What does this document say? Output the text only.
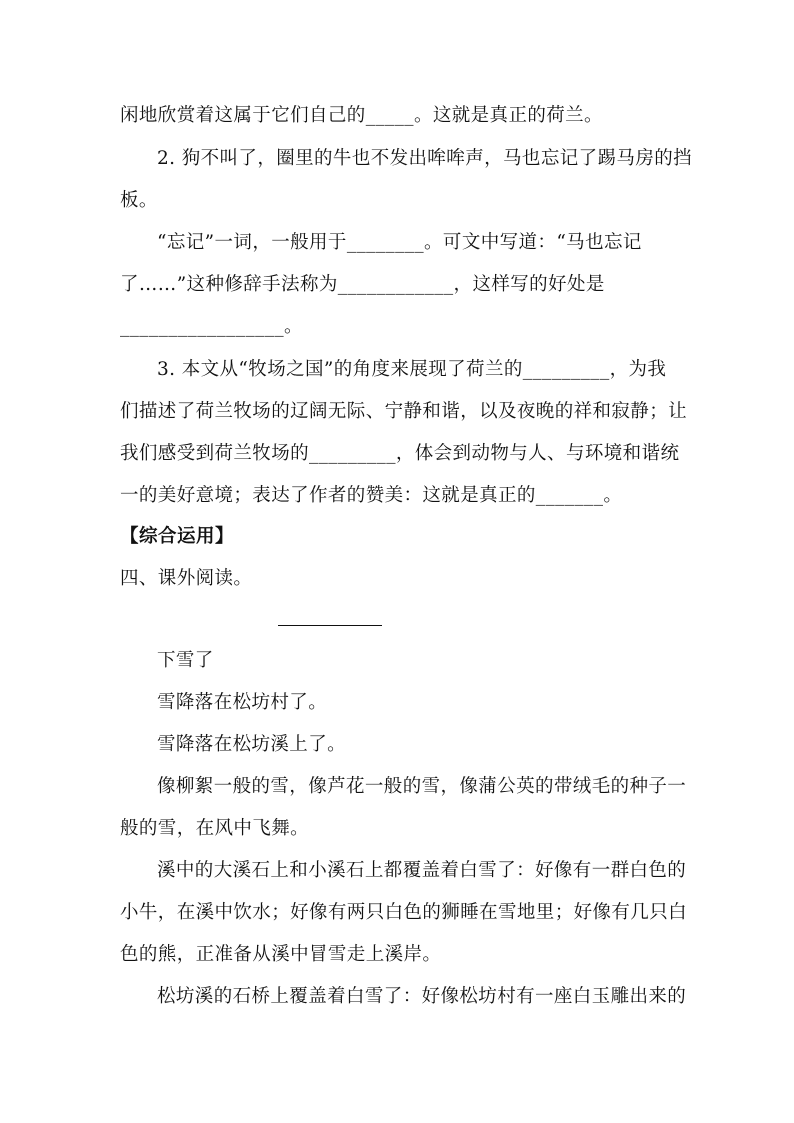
闲地欣赏着这属于它们自己的_____。这就是真正的荷兰。
2. 狗不叫了，圈里的牛也不发出哞哞声，马也忘记了踢马房的挡
板。
“忘记”一词，一般用于________。可文中写道：“马也忘记
了……”这种修辞手法称为____________，这样写的好处是
_________________。
3. 本文从“牧场之国”的角度来展现了荷兰的_________，为我
们描述了荷兰牧场的辽阔无际、宁静和谐，以及夜晚的祥和寂静；让
我们感受到荷兰牧场的_________，体会到动物与人、与环境和谐统
一的美好意境；表达了作者的赞美：这就是真正的_______。
【综合运用】
四、课外阅读。
下雪了
雪降落在松坊村了。
雪降落在松坊溪上了。
像柳絮一般的雪，像芦花一般的雪，像蒲公英的带绒毛的种子一
般的雪，在风中飞舞。
溪中的大溪石上和小溪石上都覆盖着白雪了：好像有一群白色的
小牛，在溪中饮水；好像有两只白色的狮睡在雪地里；好像有几只白
色的熊，正准备从溪中冒雪走上溪岸。
松坊溪的石桥上覆盖着白雪了：好像松坊村有一座白玉雕出来的
